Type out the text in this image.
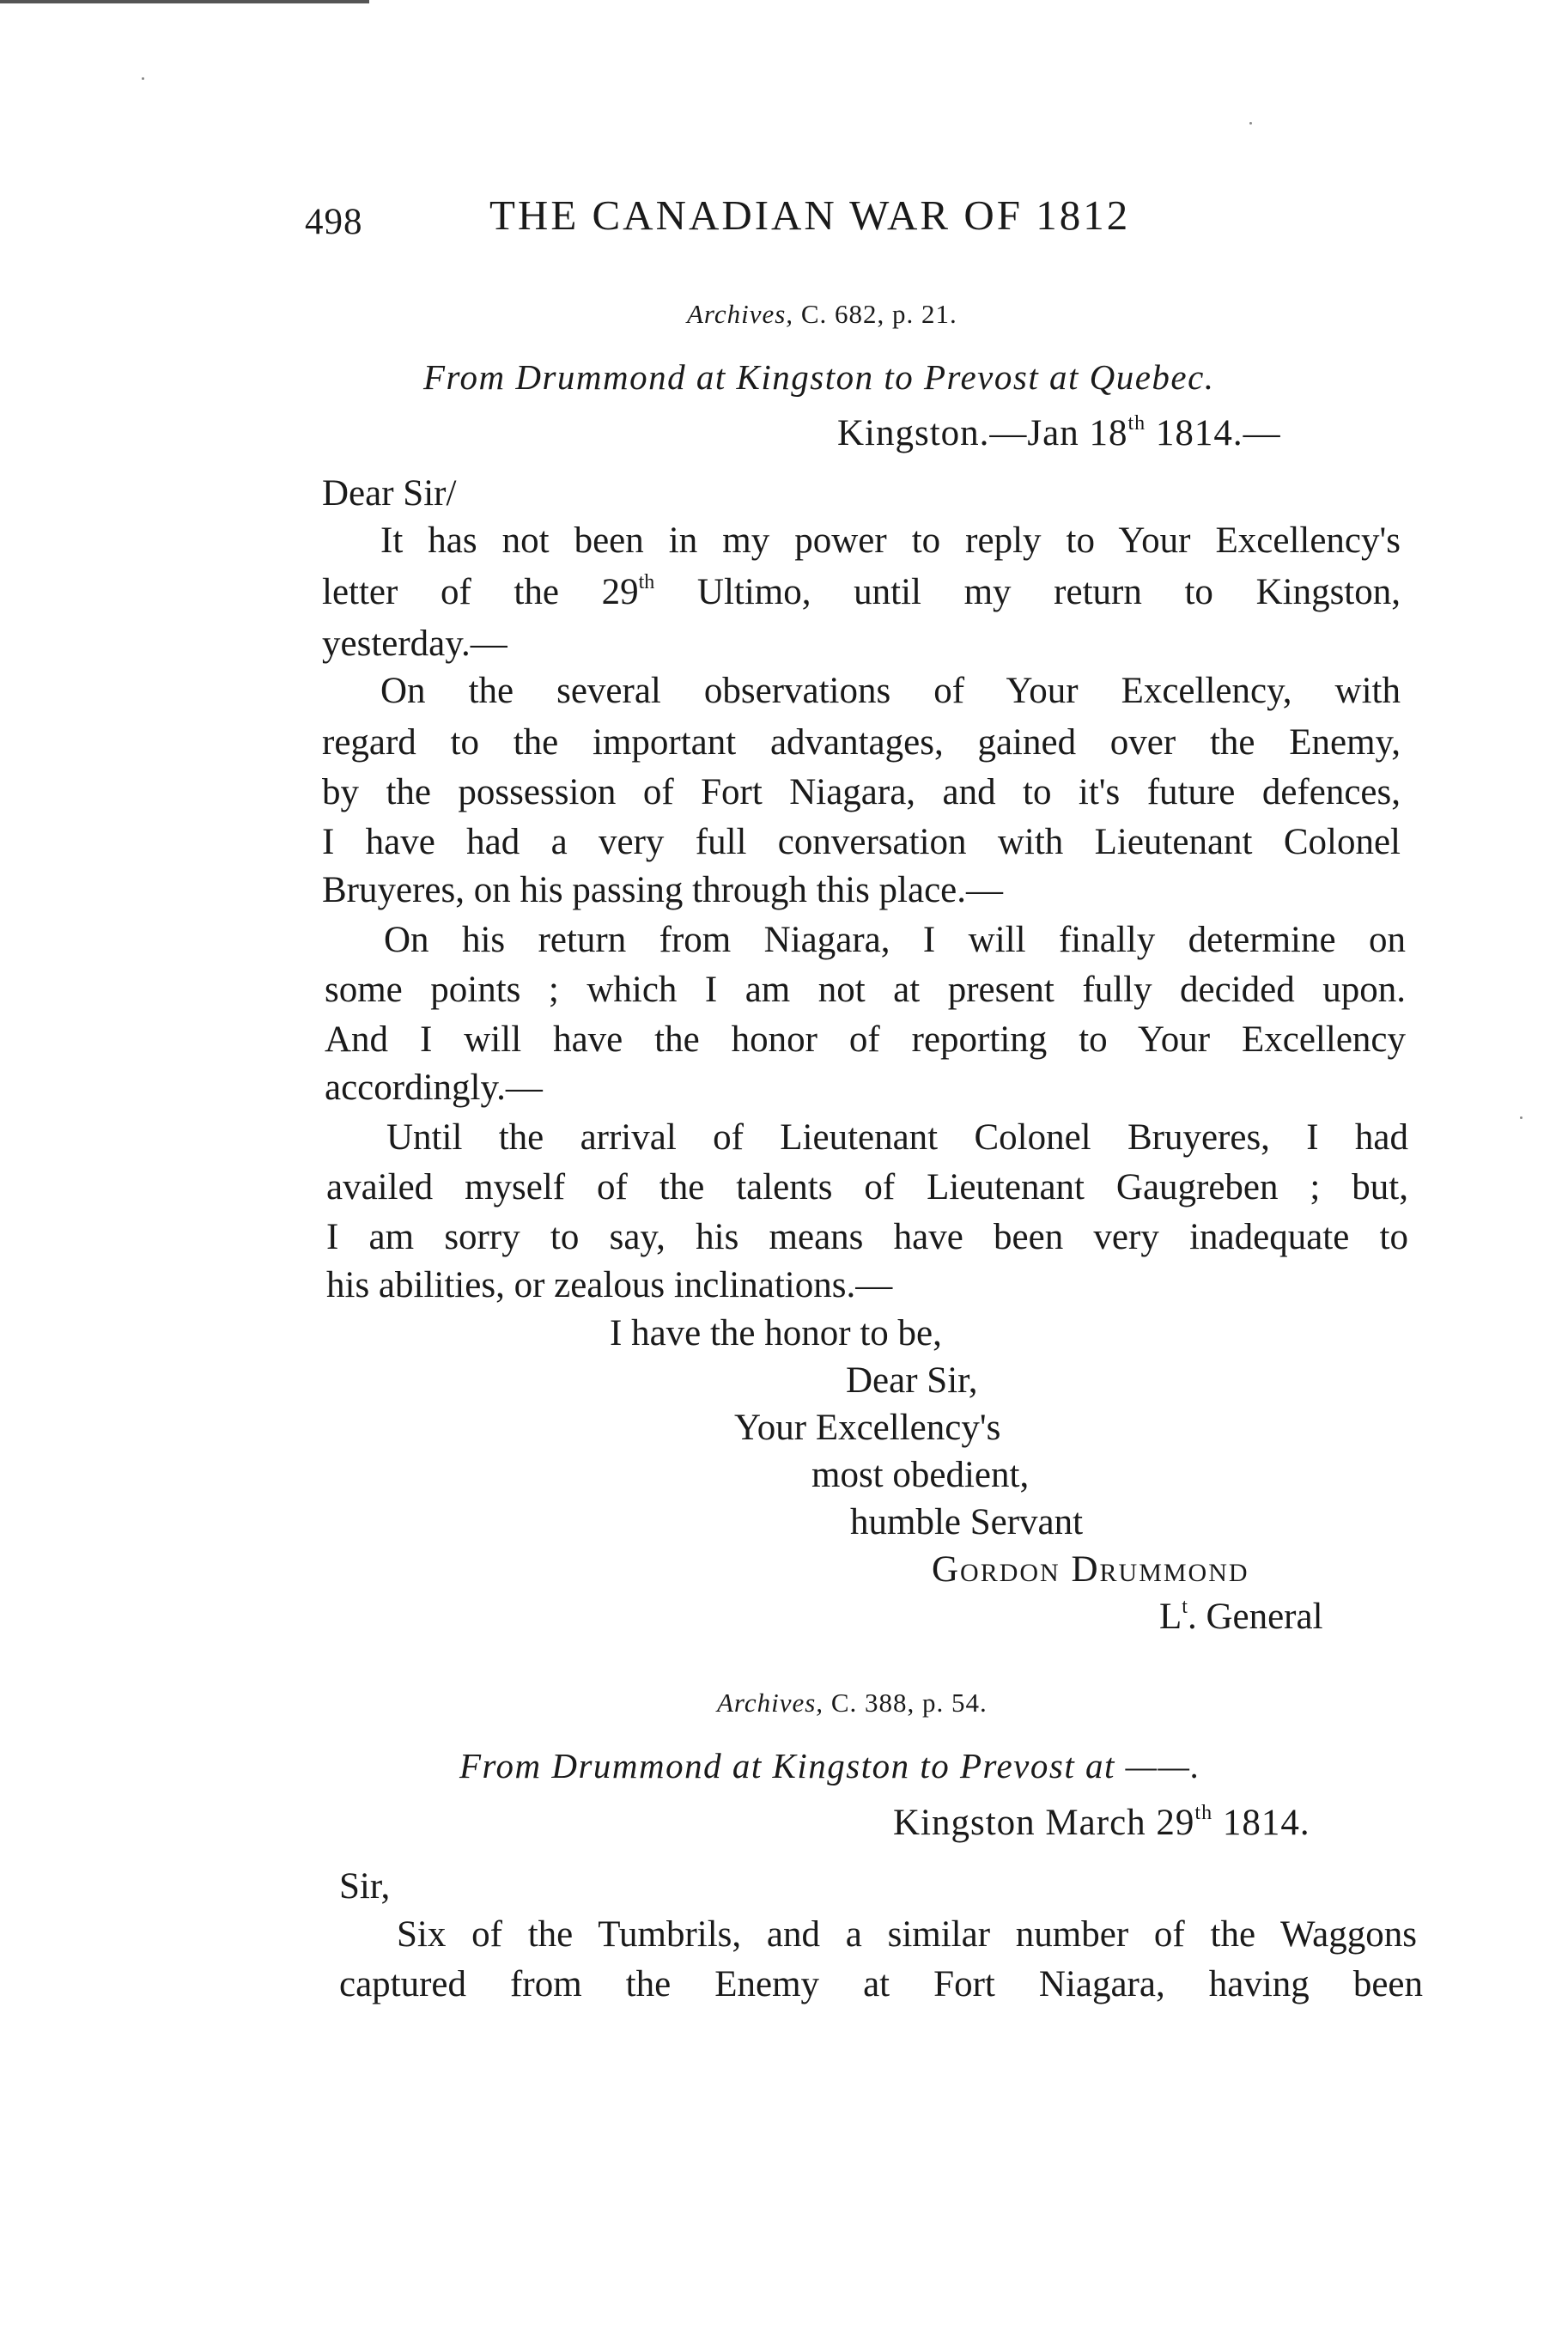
498	THE CANADIAN WAR OF 1812
Archives, C. 682, p. 21.
From Drummond at Kingston to Prevost at Quebec.
Kingston.—Jan 18th 1814.—
Dear Sir/
It has not been in my power to reply to Your Excellency's
letter of the 29th Ultimo, until my return to Kingston,
yesterday.—
On the several observations of Your Excellency, with
regard to the important advantages, gained over the Enemy,
by the possession of Fort Niagara, and to it's future defences,
I have had a very full conversation with Lieutenant Colonel
Bruyeres, on his passing through this place.—
On his return from Niagara, I will finally determine on
some points ; which I am not at present fully decided upon.
And I will have the honor of reporting to Your Excellency
accordingly.—
Until the arrival of Lieutenant Colonel Bruyeres, I had
availed myself of the talents of Lieutenant Gaugreben ; but,
I am sorry to say, his means have been very inadequate to
his abilities, or zealous inclinations.—
I have the honor to be,
Dear Sir,
Your Excellency's
most obedient,
humble Servant
Gordon Drummond
$L^t$. General
Archives, C. 388, p. 54.
From Drummond at Kingston to Prevost at ——.
Kingston March 29th 1814.
Sir,
Six of the Tumbrils, and a similar number of the Waggons
captured from the Enemy at Fort Niagara, having been
